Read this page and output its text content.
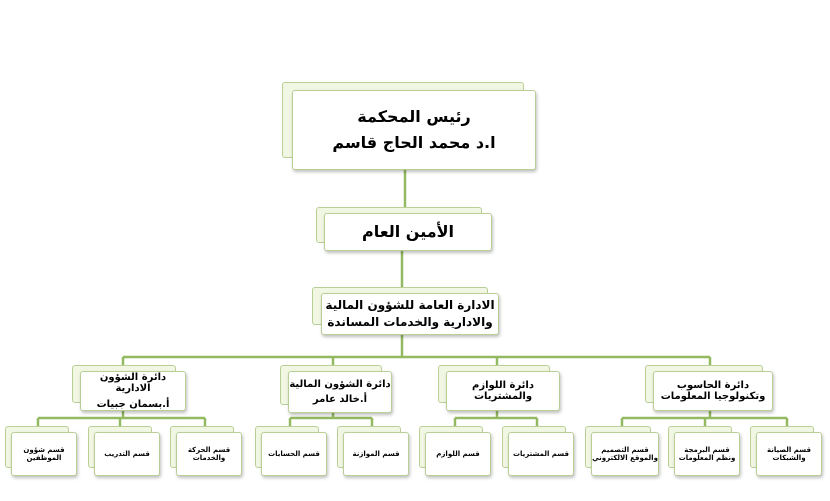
رئيس المحكمة
ا.د محمد الحاج قاسم
الأمين العام
الادارة العامة للشؤون المالية
والادارية والخدمات المساندة
دائرة الشؤون الادارية
أ.بسمان جبيات
دائرة الشؤون المالية
أ.خالد عامر
دائرة اللوازم
والمشتريات
دائرة الحاسوب
وتكنولوجيا المعلومات
قسم شؤون
الموظفين
قسم التدريب
قسم الحركة
والخدمات
قسم الحسابات	قسم الموازنة	قسم اللوازم	قسم المشتريات
قسم التصميم
والموقع الالكتروني
قسم البرمجة
ونظم المعلومات
قسم الصيانة
والشبكات
